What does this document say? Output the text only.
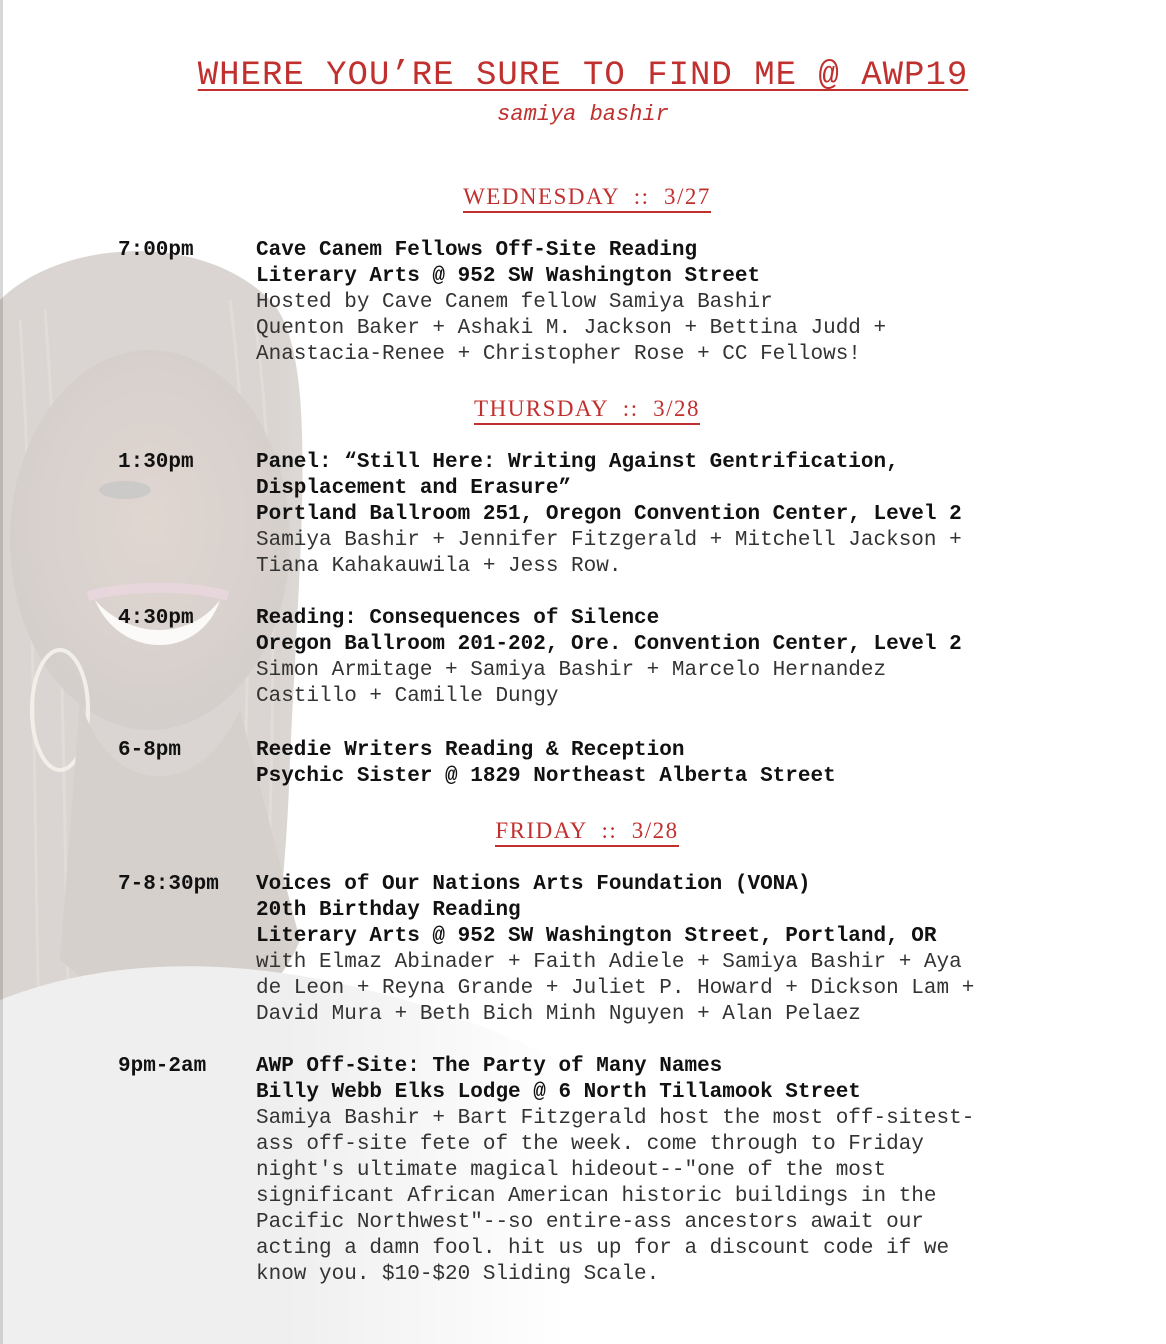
WHERE YOU’RE SURE TO FIND ME @ AWP19
samiya bashir
WEDNESDAY  ::  3/27
7:00pm	Cave Canem Fellows Off-Site Reading
Literary Arts @ 952 SW Washington Street
Hosted by Cave Canem fellow Samiya Bashir
Quenton Baker + Ashaki M. Jackson + Bettina Judd +
Anastacia-Renee + Christopher Rose + CC Fellows!
THURSDAY  ::  3/28
1:30pm	Panel: “Still Here: Writing Against Gentrification,
Displacement and Erasure”
Portland Ballroom 251, Oregon Convention Center, Level 2
Samiya Bashir + Jennifer Fitzgerald + Mitchell Jackson +
Tiana Kahakauwila + Jess Row.
4:30pm	Reading: Consequences of Silence
Oregon Ballroom 201-202, Ore. Convention Center, Level 2
Simon Armitage + Samiya Bashir + Marcelo Hernandez
Castillo + Camille Dungy
6-8pm	Reedie Writers Reading & Reception
Psychic Sister @ 1829 Northeast Alberta Street
FRIDAY  ::  3/28
7-8:30pm Voices of Our Nations Arts Foundation (VONA)
20th Birthday Reading
Literary Arts @ 952 SW Washington Street, Portland, OR
with Elmaz Abinader + Faith Adiele + Samiya Bashir + Aya
de Leon + Reyna Grande + Juliet P. Howard + Dickson Lam +
David Mura + Beth Bich Minh Nguyen + Alan Pelaez
9pm-2am AWP Off-Site: The Party of Many Names
Billy Webb Elks Lodge @ 6 North Tillamook Street
Samiya Bashir + Bart Fitzgerald host the most off-sitest-
ass off-site fete of the week. come through to Friday
night's ultimate magical hideout--"one of the most
significant African American historic buildings in the
Pacific Northwest"--so entire-ass ancestors await our
acting a damn fool. hit us up for a discount code if we
know you. $10-$20 Sliding Scale.
